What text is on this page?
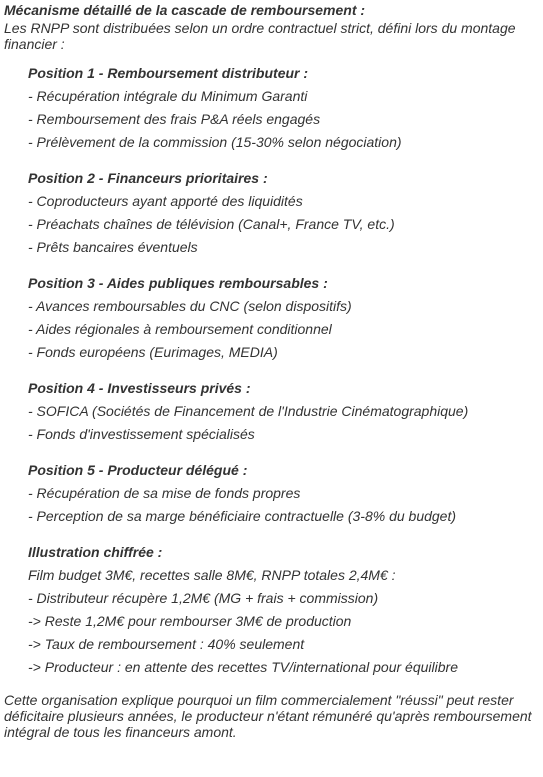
Mécanisme détaillé de la cascade de remboursement :

Les RNPP sont distribuées selon un ordre contractuel strict, défini lors du montage financier :

Position 1 - Remboursement distributeur :

- Récupération intégrale du Minimum Garanti

- Remboursement des frais P&A réels engagés

- Prélèvement de la commission (15-30% selon négociation)

Position 2 - Financeurs prioritaires :

- Coproducteurs ayant apporté des liquidités

- Préachats chaînes de télévision (Canal+, France TV, etc.)

- Prêts bancaires éventuels

Position 3 - Aides publiques remboursables :

- Avances remboursables du CNC (selon dispositifs)

- Aides régionales à remboursement conditionnel

- Fonds européens (Eurimages, MEDIA)

Position 4 - Investisseurs privés :

- SOFICA (Sociétés de Financement de l'Industrie Cinématographique)

- Fonds d'investissement spécialisés

Position 5 - Producteur délégué :

- Récupération de sa mise de fonds propres

- Perception de sa marge bénéficiaire contractuelle (3-8% du budget)

Illustration chiffrée :

Film budget 3M€, recettes salle 8M€, RNPP totales 2,4M€ :

- Distributeur récupère 1,2M€ (MG + frais + commission)

-> Reste 1,2M€ pour rembourser 3M€ de production

-> Taux de remboursement : 40% seulement

-> Producteur : en attente des recettes TV/international pour équilibre

Cette organisation explique pourquoi un film commercialement "réussi" peut rester déficitaire plusieurs années, le producteur n'étant rémunéré qu'après remboursement intégral de tous les financeurs amont.
